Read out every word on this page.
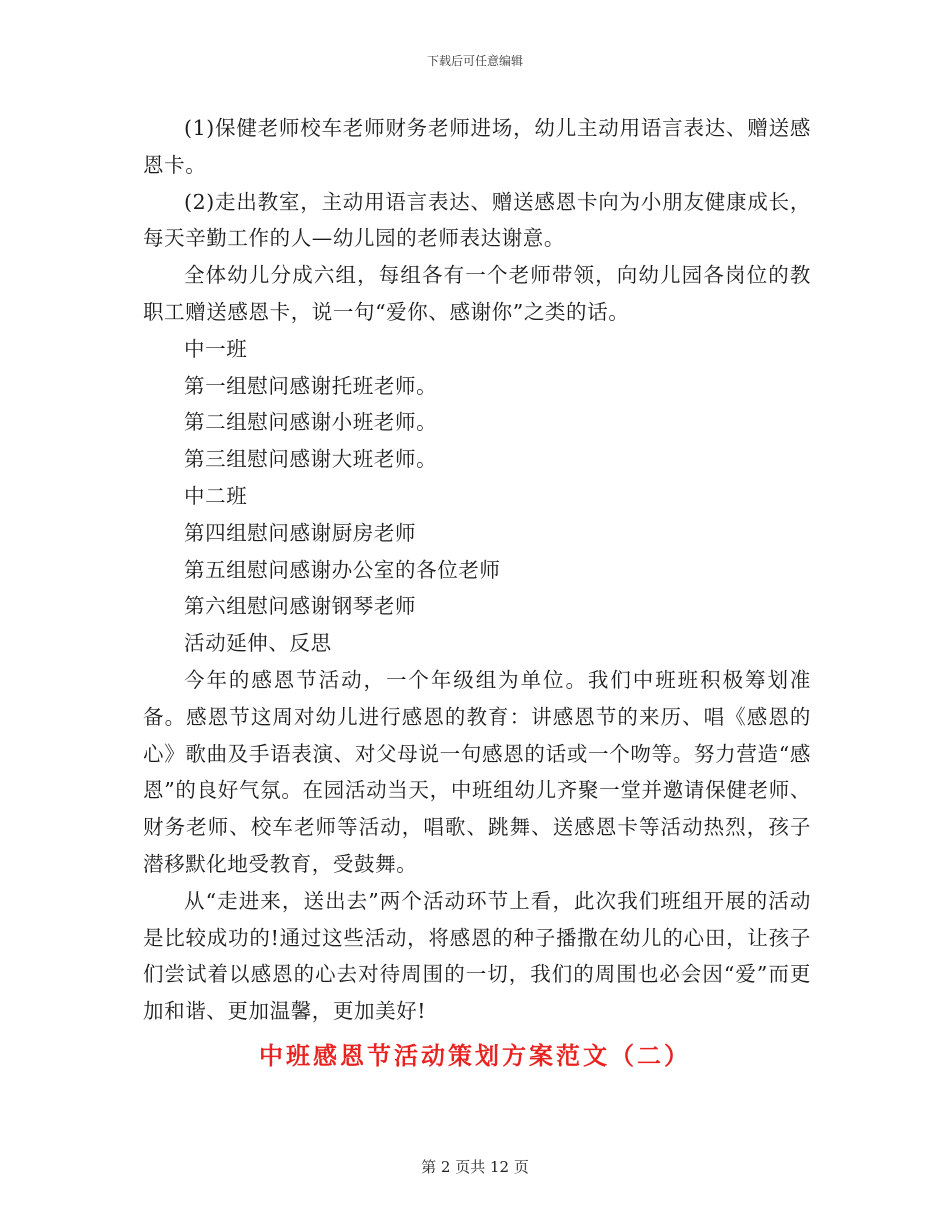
下载后可任意编辑

(1)保健老师校车老师财务老师进场，幼儿主动用语言表达、赠送感恩卡。

(2)走出教室，主动用语言表达、赠送感恩卡向为小朋友健康成长，每天辛勤工作的人—幼儿园的老师表达谢意。

全体幼儿分成六组，每组各有一个老师带领，向幼儿园各岗位的教职工赠送感恩卡，说一句“爱你、感谢你”之类的话。

中一班

第一组慰问感谢托班老师。

第二组慰问感谢小班老师。

第三组慰问感谢大班老师。

中二班

第四组慰问感谢厨房老师

第五组慰问感谢办公室的各位老师

第六组慰问感谢钢琴老师

活动延伸、反思

今年的感恩节活动，一个年级组为单位。我们中班班积极筹划准备。感恩节这周对幼儿进行感恩的教育：讲感恩节的来历、唱《感恩的心》歌曲及手语表演、对父母说一句感恩的话或一个吻等。努力营造“感恩”的良好气氛。在园活动当天，中班组幼儿齐聚一堂并邀请保健老师、财务老师、校车老师等活动，唱歌、跳舞、送感恩卡等活动热烈，孩子潜移默化地受教育，受鼓舞。

从“走进来，送出去”两个活动环节上看，此次我们班组开展的活动是比较成功的!通过这些活动，将感恩的种子播撒在幼儿的心田，让孩子们尝试着以感恩的心去对待周围的一切，我们的周围也必会因“爱”而更加和谐、更加温馨，更加美好!

中班感恩节活动策划方案范文（二）
第 2 页共 12 页
